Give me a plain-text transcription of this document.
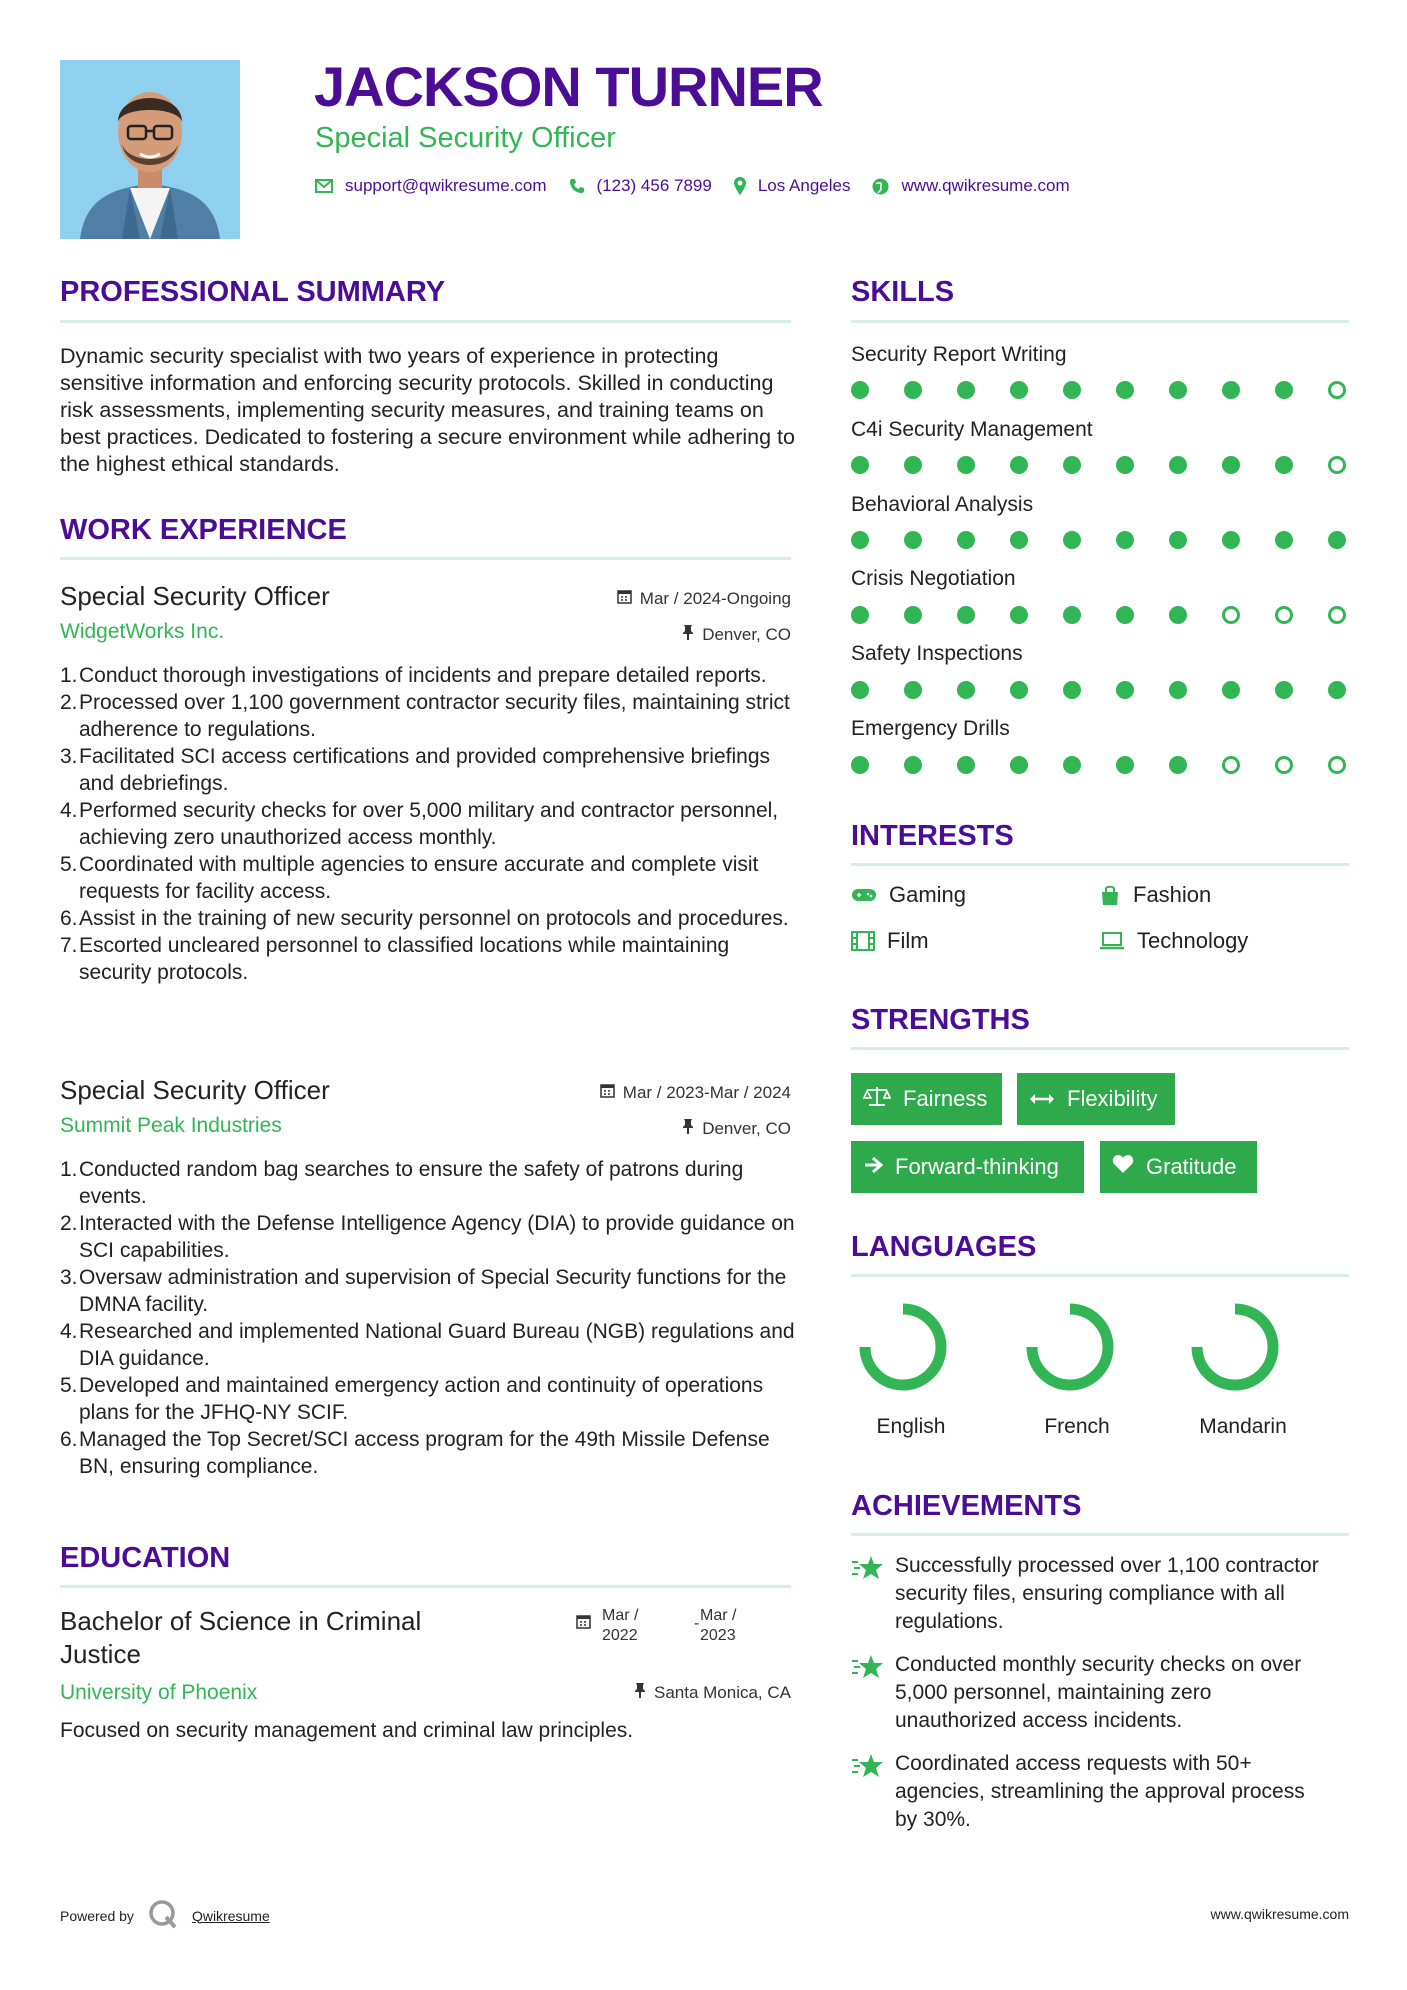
JACKSON TURNER
Special Security Officer
support@qwikresume.com	(123) 456 7899	Los Angeles	www.qwikresume.com
PROFESSIONAL SUMMARY
Dynamic security specialist with two years of experience in protecting sensitive information and enforcing security protocols. Skilled in conducting risk assessments, implementing security measures, and training teams on best practices. Dedicated to fostering a secure environment while adhering to the highest ethical standards.
WORK EXPERIENCE
Special Security Officer	Mar / 2024-Ongoing
WidgetWorks Inc.	Denver, CO
1. Conduct thorough investigations of incidents and prepare detailed reports.
2. Processed over 1,100 government contractor security files, maintaining strict adherence to regulations.
3. Facilitated SCI access certifications and provided comprehensive briefings and debriefings.
4. Performed security checks for over 5,000 military and contractor personnel, achieving zero unauthorized access monthly.
5. Coordinated with multiple agencies to ensure accurate and complete visit requests for facility access.
6. Assist in the training of new security personnel on protocols and procedures.
7. Escorted uncleared personnel to classified locations while maintaining security protocols.
Special Security Officer	Mar / 2023-Mar / 2024
Summit Peak Industries	Denver, CO
1. Conducted random bag searches to ensure the safety of patrons during events.
2. Interacted with the Defense Intelligence Agency (DIA) to provide guidance on SCI capabilities.
3. Oversaw administration and supervision of Special Security functions for the DMNA facility.
4. Researched and implemented National Guard Bureau (NGB) regulations and DIA guidance.
5. Developed and maintained emergency action and continuity of operations plans for the JFHQ-NY SCIF.
6. Managed the Top Secret/SCI access program for the 49th Missile Defense BN, ensuring compliance.
EDUCATION
Bachelor of Science in Criminal Justice
Mar /
2022
- Mar /
2023
University of Phoenix	Santa Monica, CA
Focused on security management and criminal law principles.
SKILLS
Security Report Writing
C4i Security Management
Behavioral Analysis
Crisis Negotiation
Safety Inspections
Emergency Drills
INTERESTS
Gaming	Fashion
Film	Technology
STRENGTHS
Fairness	Flexibility
Forward-thinking	Gratitude
LANGUAGES
English	French	Mandarin
ACHIEVEMENTS
Successfully processed over 1,100 contractor security files, ensuring compliance with all regulations.
Conducted monthly security checks on over 5,000 personnel, maintaining zero unauthorized access incidents.
Coordinated access requests with 50+ agencies, streamlining the approval process by 30%.
Powered by	Qwikresume	www.qwikresume.com
